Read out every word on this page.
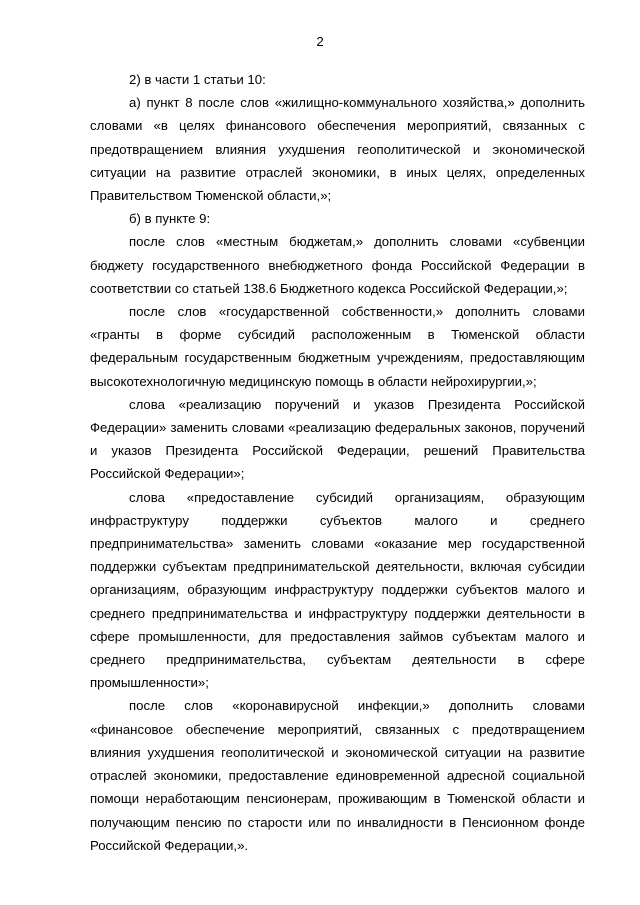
2

2) в части 1 статьи 10:

а) пункт 8 после слов «жилищно-коммунального хозяйства,» дополнить словами «в целях финансового обеспечения мероприятий, связанных с предотвращением влияния ухудшения геополитической и экономической ситуации на развитие отраслей экономики, в иных целях, определенных Правительством Тюменской области,»;

б) в пункте 9:

после слов «местным бюджетам,» дополнить словами «субвенции бюджету государственного внебюджетного фонда Российской Федерации в соответствии со статьей 138.6 Бюджетного кодекса Российской Федерации,»;

после слов «государственной собственности,» дополнить словами «гранты в форме субсидий расположенным в Тюменской области федеральным государственным бюджетным учреждениям, предоставляющим высокотехнологичную медицинскую помощь в области нейрохирургии,»;

слова «реализацию поручений и указов Президента Российской Федерации» заменить словами «реализацию федеральных законов, поручений и указов Президента Российской Федерации, решений Правительства Российской Федерации»;

слова «предоставление субсидий организациям, образующим инфраструктуру поддержки субъектов малого и среднего предпринимательства» заменить словами «оказание мер государственной поддержки субъектам предпринимательской деятельности, включая субсидии организациям, образующим инфраструктуру поддержки субъектов малого и среднего предпринимательства и инфраструктуру поддержки деятельности в сфере промышленности, для предоставления займов субъектам малого и среднего предпринимательства, субъектам деятельности в сфере промышленности»;

после слов «коронавирусной инфекции,» дополнить словами «финансовое обеспечение мероприятий, связанных с предотвращением влияния ухудшения геополитической и экономической ситуации на развитие отраслей экономики, предоставление единовременной адресной социальной помощи неработающим пенсионерам, проживающим в Тюменской области и получающим пенсию по старости или по инвалидности в Пенсионном фонде Российской Федерации,».
